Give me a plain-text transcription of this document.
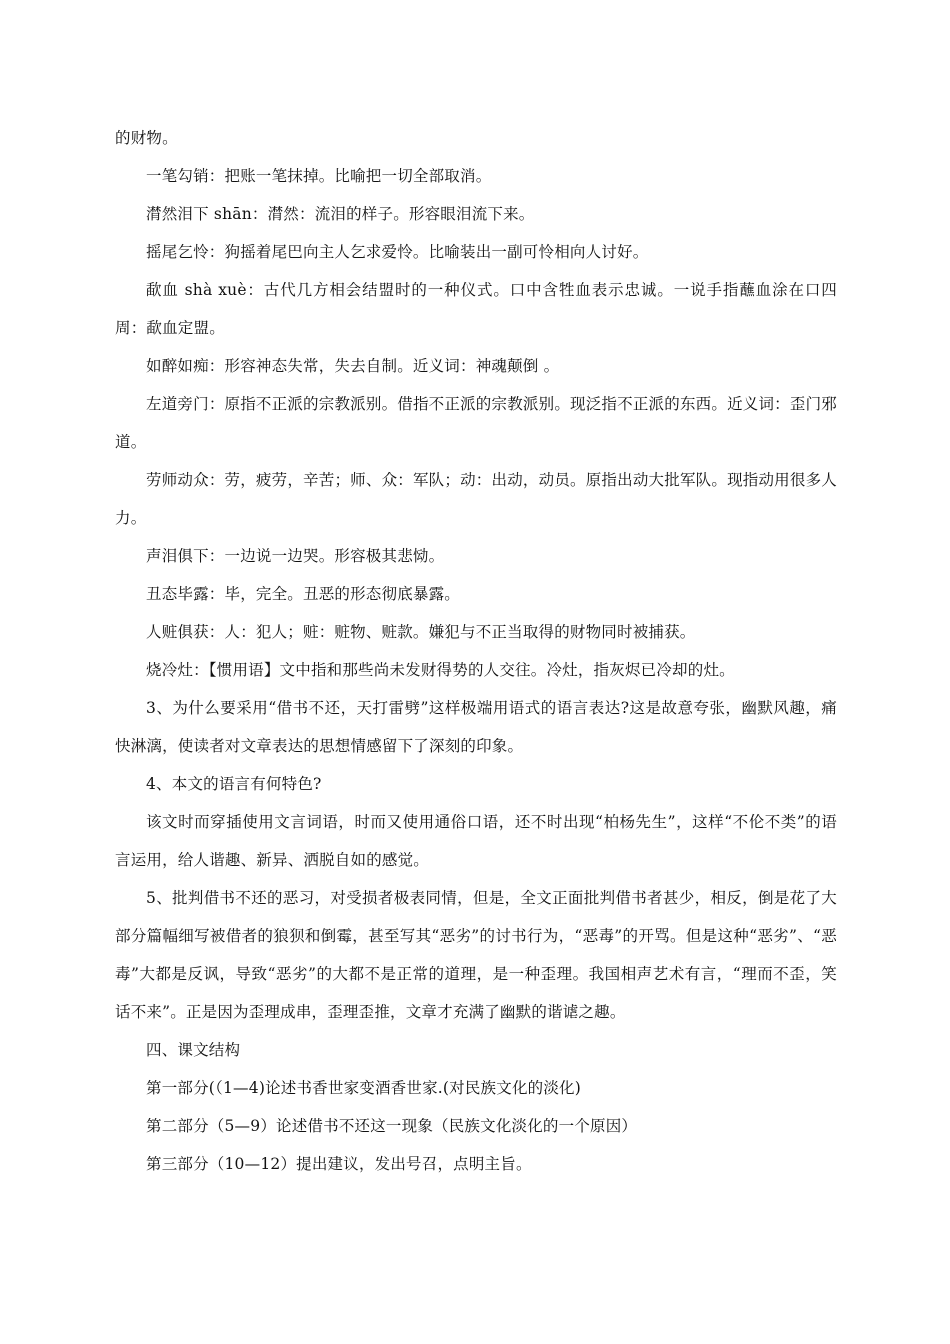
的财物。

一笔勾销：把账一笔抹掉。比喻把一切全部取消。

潸然泪下 shān：潸然：流泪的样子。形容眼泪流下来。

摇尾乞怜：狗摇着尾巴向主人乞求爱怜。比喻装出一副可怜相向人讨好。

歃血 shà xuè：古代几方相会结盟时的一种仪式。口中含牲血表示忠诚。一说手指蘸血涂在口四周：歃血定盟。

如醉如痴：形容神态失常，失去自制。近义词：神魂颠倒 。

左道旁门：原指不正派的宗教派别。借指不正派的宗教派别。现泛指不正派的东西。近义词：歪门邪道。

劳师动众：劳，疲劳，辛苦；师、众：军队；动：出动，动员。原指出动大批军队。现指动用很多人力。

声泪俱下：一边说一边哭。形容极其悲恸。

丑态毕露：毕，完全。丑恶的形态彻底暴露。

人赃俱获：人：犯人；赃：赃物、赃款。嫌犯与不正当取得的财物同时被捕获。

烧冷灶：【惯用语】文中指和那些尚未发财得势的人交往。冷灶，指灰烬已冷却的灶。

3、为什么要采用“借书不还，天打雷劈”这样极端用语式的语言表达?这是故意夸张，幽默风趣，痛快淋漓，使读者对文章表达的思想情感留下了深刻的印象。

4、本文的语言有何特色?

该文时而穿插使用文言词语，时而又使用通俗口语，还不时出现“柏杨先生”，这样“不伦不类”的语言运用，给人谐趣、新异、洒脱自如的感觉。

5、批判借书不还的恶习，对受损者极表同情，但是，全文正面批判借书者甚少，相反，倒是花了大部分篇幅细写被借者的狼狈和倒霉，甚至写其“恶劣”的讨书行为，“恶毒”的开骂。但是这种“恶劣”、“恶毒”大都是反讽，导致“恶劣”的大都不是正常的道理，是一种歪理。我国相声艺术有言，“理而不歪，笑话不来”。正是因为歪理成串，歪理歪推，文章才充满了幽默的谐谑之趣。

四、课文结构

第一部分(（1—4)论述书香世家变酒香世家.(对民族文化的淡化)

第二部分（5—9）论述借书不还这一现象（民族文化淡化的一个原因）

第三部分（10—12）提出建议，发出号召，点明主旨。
